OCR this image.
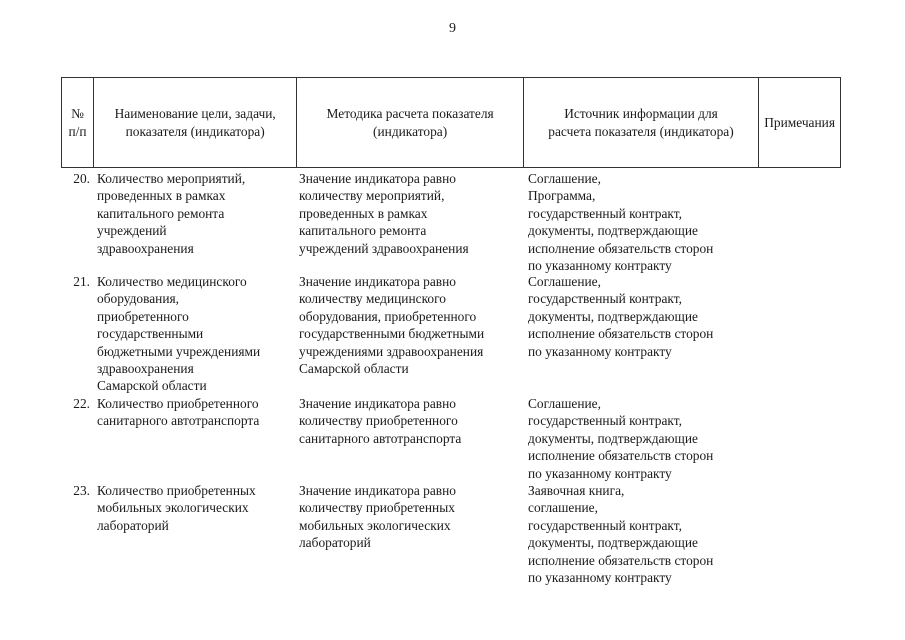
9
№
п/п
Наименование цели, задачи,
показателя (индикатора)
Методика расчета показателя
(индикатора)
Источник информации для
расчета показателя (индикатора)
Примечания
20. Количество мероприятий,
проведенных в рамках
капитального ремонта
учреждений
здравоохранения
Значение индикатора равно
количеству мероприятий,
проведенных в рамках
капитального ремонта
учреждений здравоохранения
Соглашение,
Программа,
государственный контракт,
документы, подтверждающие
исполнение обязательств сторон
по указанному контракту
21. Количество медицинского
оборудования,
приобретенного
государственными
бюджетными учреждениями
здравоохранения
Самарской области
Значение индикатора равно
количеству медицинского
оборудования, приобретенного
государственными бюджетными
учреждениями здравоохранения
Самарской области
Соглашение,
государственный контракт,
документы, подтверждающие
исполнение обязательств сторон
по указанному контракту
22. Количество приобретенного
санитарного автотранспорта
Значение индикатора равно
количеству приобретенного
санитарного автотранспорта
Соглашение,
государственный контракт,
документы, подтверждающие
исполнение обязательств сторон
по указанному контракту
23. Количество приобретенных
мобильных экологических
лабораторий
Значение индикатора равно
количеству приобретенных
мобильных экологических
лабораторий
Заявочная книга,
соглашение,
государственный контракт,
документы, подтверждающие
исполнение обязательств сторон
по указанному контракту
